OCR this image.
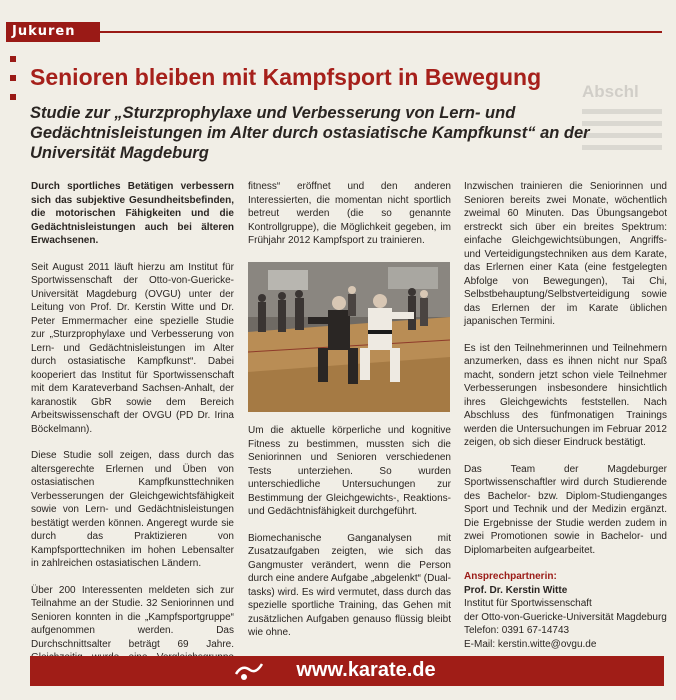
Jukuren
Abschl
Senioren bleiben mit Kampfsport in Bewegung
Studie zur „Sturzprophylaxe und Verbesserung von Lern- und Gedächtnisleistungen im Alter durch ostasiatische Kampfkunst“ an der Universität Magdeburg

Durch sportliches Betätigen verbessern sich das subjektive Gesundheitsbefinden, die motorischen Fähigkeiten und die Gedächtnisleistungen auch bei älteren Erwachsenen.

Seit August 2011 läuft hierzu am Institut für Sportwissenschaft der Otto-von-Guericke-Universität Magdeburg (OVGU) unter der Leitung von Prof. Dr. Kerstin Witte und Dr. Peter Emmermacher eine spezielle Studie zur „Sturzprophylaxe und Verbesserung von Lern- und Gedächtnisleistungen im Alter durch ostasiatische Kampfkunst“. Dabei kooperiert das Institut für Sportwissenschaft mit dem Karateverband Sachsen-Anhalt, der karanostik GbR sowie dem Bereich Arbeitswissenschaft der OVGU (PD Dr. Irina Böckelmann).

Diese Studie soll zeigen, dass durch das altersgerechte Erlernen und Üben von ostasiatischen Kampfkunsttechniken Verbesserungen der Gleichgewichtsfähigkeit sowie von Lern- und Gedächtnisleistungen bestätigt werden können. Angeregt wurde sie durch das Praktizieren von Kampfsporttechniken im hohen Lebensalter in zahlreichen ostasiatischen Ländern.

Über 200 Interessenten meldeten sich zur Teilnahme an der Studie. 32 Seniorinnen und Senioren konnten in die „Kampfsportgruppe“ aufgenommen werden. Das Durchschnittsalter beträgt 69 Jahre.

fitness“ eröffnet und den anderen Interessierten, die momentan nicht sportlich betreut werden (die so genannte Kontrollgruppe), die Möglichkeit gegeben, im Frühjahr 2012 Kampfsport zu trainieren.

Um die aktuelle körperliche und kognitive Fitness zu bestimmen, mussten sich die Seniorinnen und Senioren verschiedenen Tests unterziehen. So wurden unterschiedliche Untersuchungen zur Bestimmung der Gleichgewichts-, Reaktions- und Gedächtnisfähigkeit durchgeführt.

Biomechanische Ganganalysen mit Zusatzaufgaben zeigten, wie sich das Gangmuster verändert, wenn die Person durch eine andere Aufgabe „abgelenkt“ (Dual-tasks) wird. Es wird vermutet, dass durch das spezielle sportliche Training, das Gehen mit zusätzlichen Aufgaben genauso flüssig bleibt wie ohne.

Inzwischen trainieren die Seniorinnen und Senioren bereits zwei Monate, wöchentlich zweimal 60 Minuten. Das Übungsangebot erstreckt sich über ein breites Spektrum: einfache Gleichgewichtsübungen, Angriffs- und Verteidigungstechniken aus dem Karate, das Erlernen einer Kata (eine festgelegten Abfolge von Bewegungen), Tai Chi, Selbstbehauptung/Selbstverteidigung sowie das Erlernen der im Karate üblichen japanischen Termini.

Es ist den Teilnehmerinnen und Teilnehmern anzumerken, dass es ihnen nicht nur Spaß macht, sondern jetzt schon viele Teilnehmer Verbesserungen insbesondere hinsichtlich ihres Gleichgewichts feststellen. Nach Abschluss des fünfmonatigen Trainings werden die Untersuchungen im Februar 2012 zeigen, ob sich dieser Eindruck bestätigt.

Das Team der Magdeburger Sportwissenschaftler wird durch Studierende des Bachelor- bzw. Diplom-Studienganges Sport und Technik und der Medizin ergänzt. Die Ergebnisse der Studie werden zudem in zwei Promotionen sowie in Bachelor- und Diplomarbeiten aufgearbeitet.

Ansprechpartnerin:
Prof. Dr. Kerstin Witte
Institut für Sportwissenschaft
der Otto-von-Guericke-Universität Magdeburg
Telefon: 0391 67-14743
E-Mail: kerstin.witte@ovgu.de
www.karate.de
